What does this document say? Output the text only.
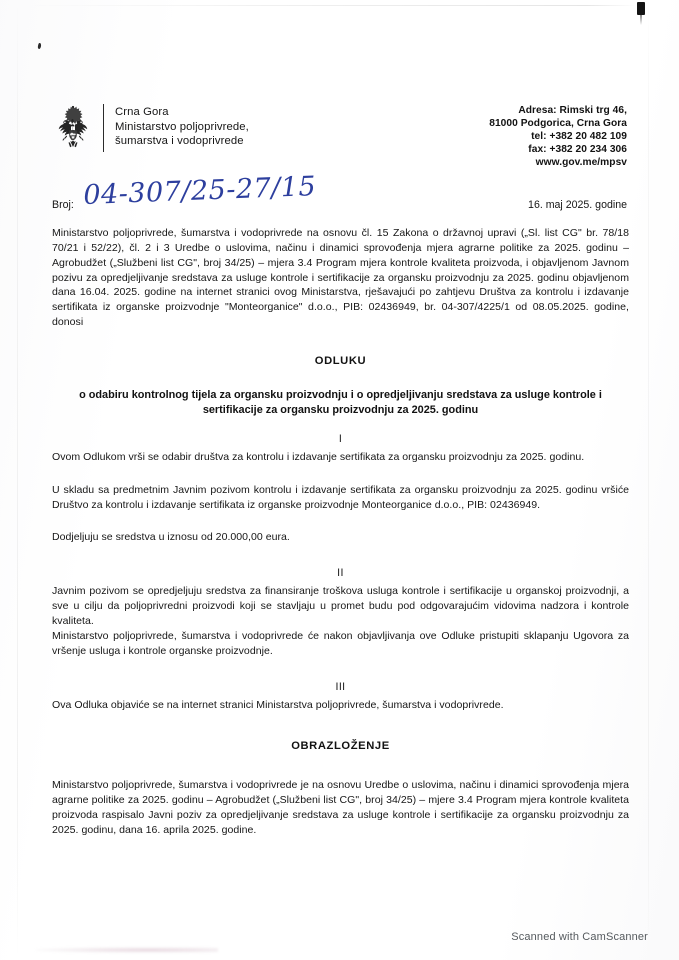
Crna Gora
Ministarstvo poljoprivrede,
šumarstva i vodoprivrede
Adresa: Rimski trg 46,
81000 Podgorica, Crna Gora
tel: +382 20 482 109
fax: +382 20 234 306
www.gov.me/mpsv
Broj: 04-307/25-27/15	16. maj 2025. godine

Ministarstvo poljoprivrede, šumarstva i vodoprivrede na osnovu čl. 15 Zakona o državnoj upravi („Sl. list CG" br. 78/18 70/21 i 52/22), čl. 2 i 3 Uredbe o uslovima, načinu i dinamici sprovođenja mjera agrarne politike za 2025. godinu – Agrobudžet („Službeni list CG", broj 34/25) – mjera 3.4 Program mjera kontrole kvaliteta proizvoda, i objavljenom Javnom pozivu za opredjeljivanje sredstava za usluge kontrole i sertifikacije za organsku proizvodnju za 2025. godinu objavljenom dana 16.04. 2025. godine na internet stranici ovog Ministarstva, rješavajući po zahtjevu Društva za kontrolu i izdavanje sertifikata iz organske proizvodnje "Monteorganice" d.o.o., PIB: 02436949, br. 04-307/4225/1 od 08.05.2025. godine, donosi

ODLUKU

o odabiru kontrolnog tijela za organsku proizvodnju i o opredjeljivanju sredstava za usluge kontrole i sertifikacije za organsku proizvodnju za 2025. godinu

I

Ovom Odlukom vrši se odabir društva za kontrolu i izdavanje sertifikata za organsku proizvodnju za 2025. godinu.

U skladu sa predmetnim Javnim pozivom kontrolu i izdavanje sertifikata za organsku proizvodnju za 2025. godinu vršiće Društvo za kontrolu i izdavanje sertifikata iz organske proizvodnje Monteorganice d.o.o., PIB: 02436949.

Dodjeljuju se sredstva u iznosu od 20.000,00 eura.

II

Javnim pozivom se opredjeljuju sredstva za finansiranje troškova usluga kontrole i sertifikacije u organskoj proizvodnji, a sve u cilju da poljoprivredni proizvodi koji se stavljaju u promet budu pod odgovarajućim vidovima nadzora i kontrole kvaliteta.

Ministarstvo poljoprivrede, šumarstva i vodoprivrede će nakon objavljivanja ove Odluke pristupiti sklapanju Ugovora za vršenje usluga i kontrole organske proizvodnje.

III

Ova Odluka objaviće se na internet stranici Ministarstva poljoprivrede, šumarstva i vodoprivrede.

OBRAZLOŽENJE

Ministarstvo poljoprivrede, šumarstva i vodoprivrede je na osnovu Uredbe o uslovima, načinu i dinamici sprovođenja mjera agrarne politike za 2025. godinu – Agrobudžet („Službeni list CG", broj 34/25) – mjere 3.4 Program mjera kontrole kvaliteta proizvoda raspisalo Javni poziv za opredjeljivanje sredstava za usluge kontrole i sertifikacije za organsku proizvodnju za 2025. godinu, dana 16. aprila 2025. godine.

Scanned with CamScanner
